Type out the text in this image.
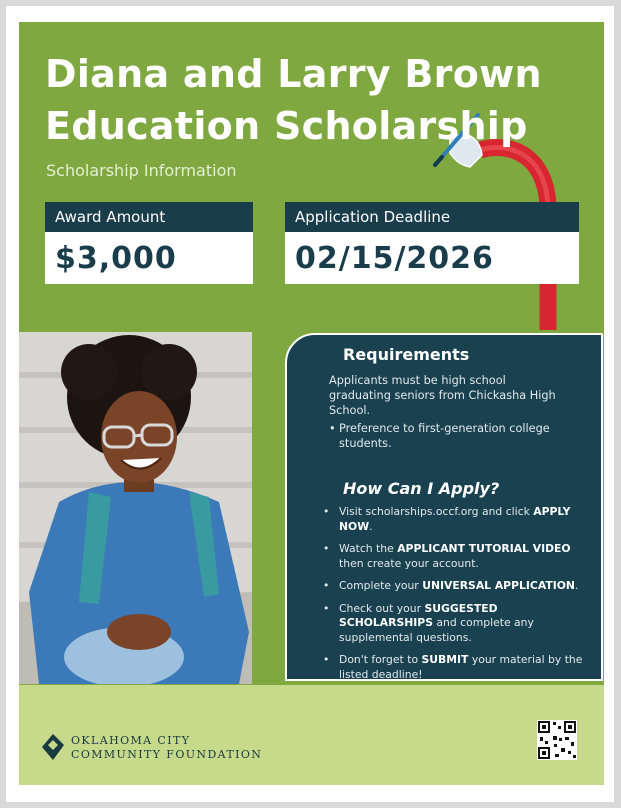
Diana and Larry Brown
Education Scholarship
Scholarship Information
Award Amount
$3,000
Application Deadline
02/15/2026
Requirements
Applicants must be high school graduating seniors from Chickasha High School.
• Preference to first-generation college students.
How Can I Apply?
• Visit scholarships.occf.org and click APPLY NOW.
• Watch the APPLICANT TUTORIAL VIDEO then create your account.
• Complete your UNIVERSAL APPLICATION.
• Check out your SUGGESTED SCHOLARSHIPS and complete any supplemental questions.
• Don't forget to SUBMIT your material by the listed deadline!
OKLAHOMA CITY
COMMUNITY FOUNDATION
